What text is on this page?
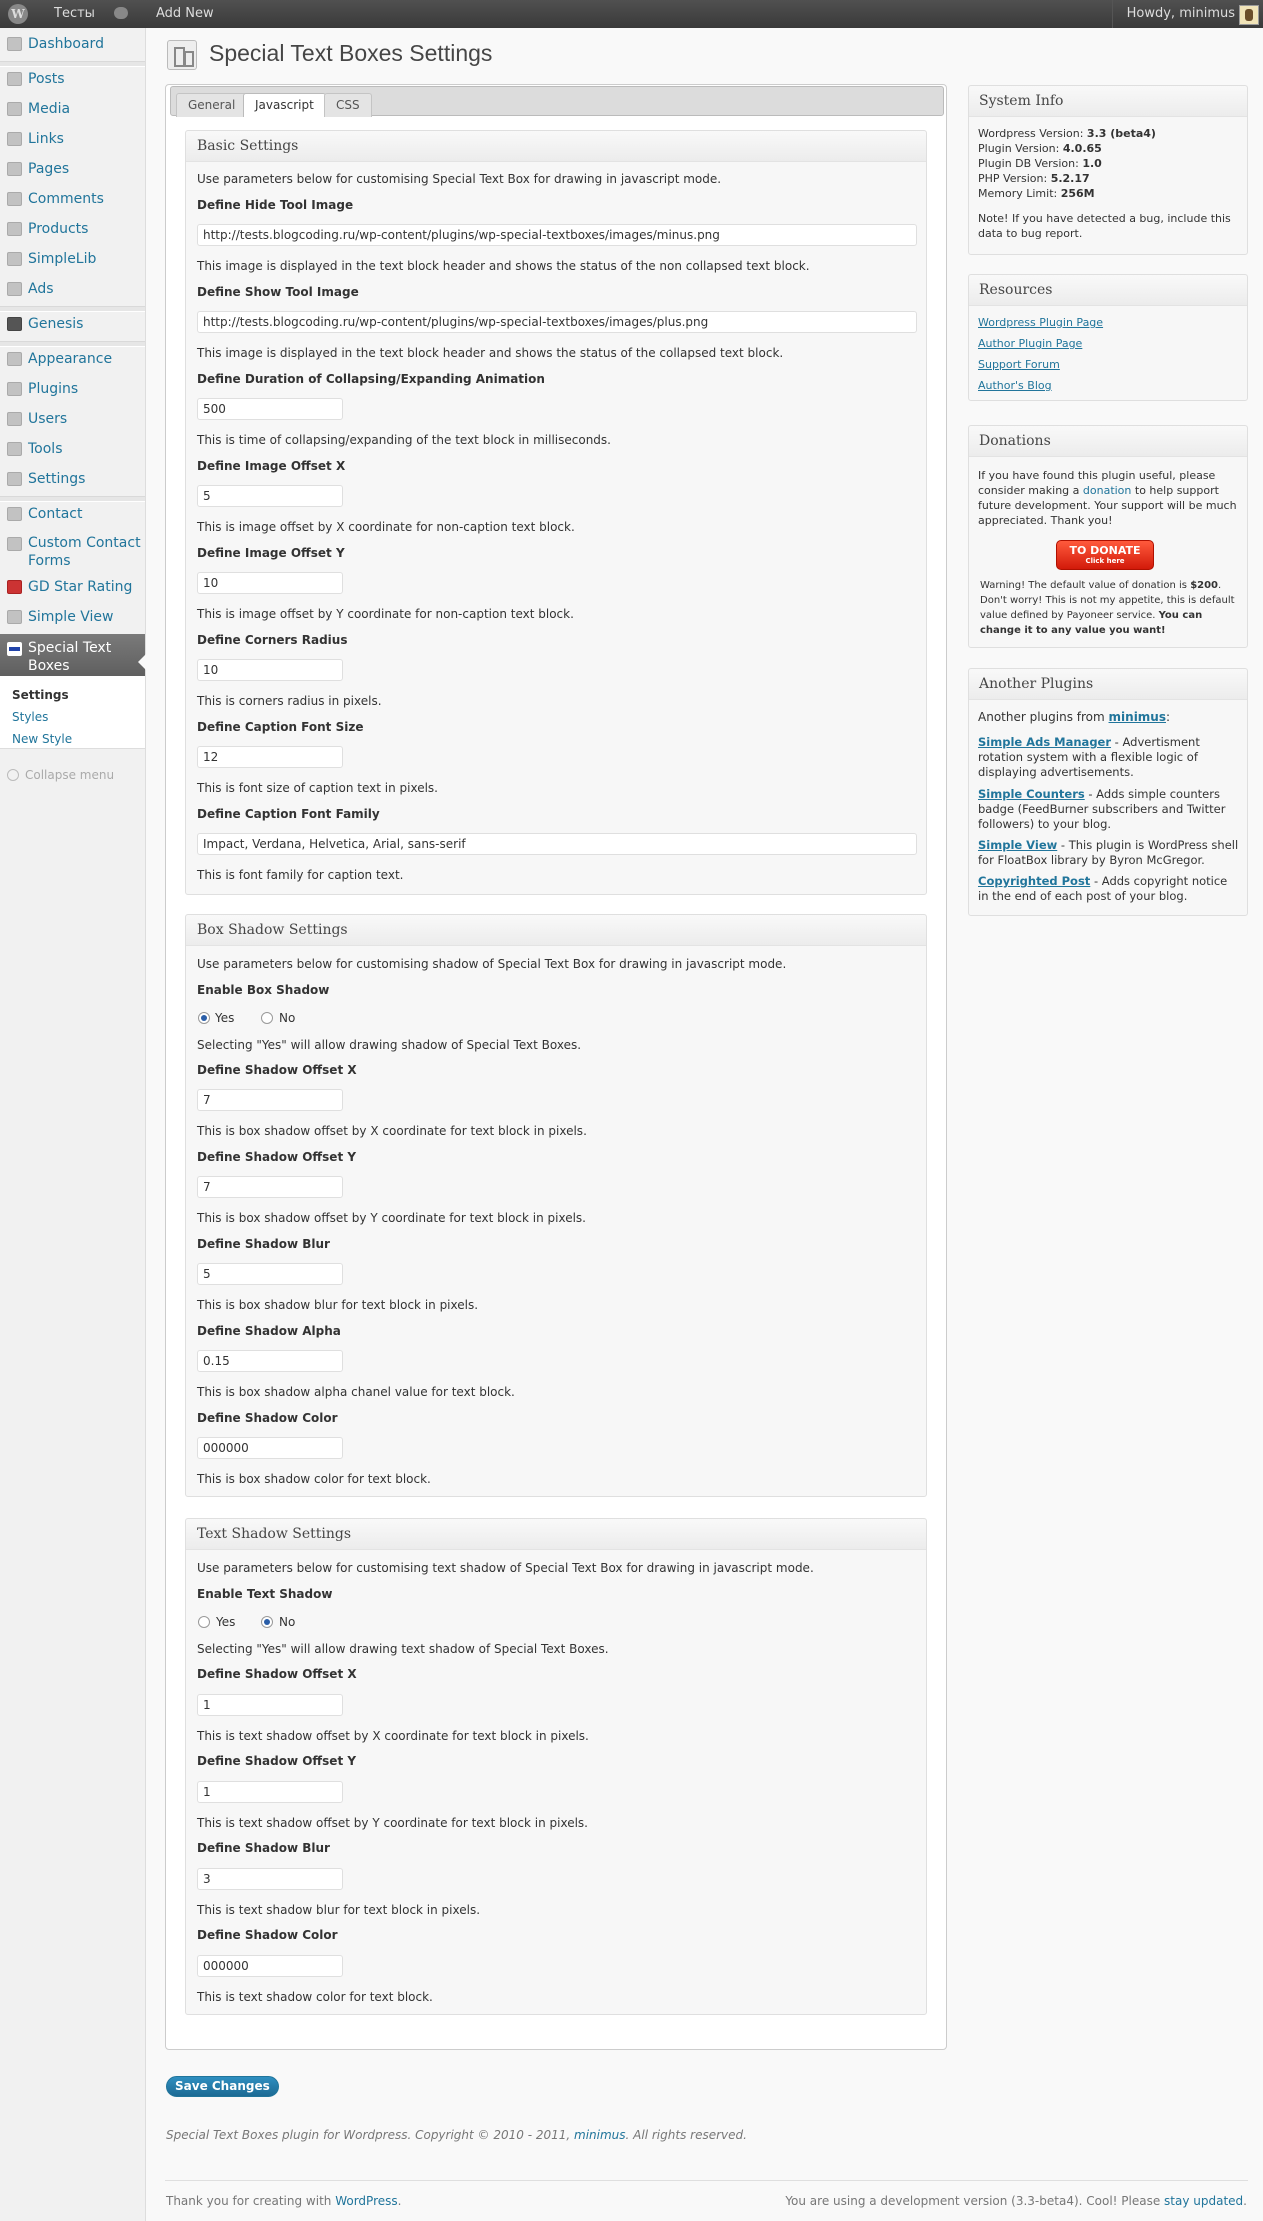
W Тесты	Add New	Howdy, minimus
Dashboard
Posts
Media
Links
Pages
Comments
Products
SimpleLib
Ads
Genesis
Appearance
Plugins
Users
Tools
Settings
Contact
Custom Contact Forms
GD Star Rating
Simple View
Special Text Boxes
Settings
Styles
New Style
Collapse menu
Special Text Boxes Settings
General	Javascript	CSS
Basic Settings
Use parameters below for customising Special Text Box for drawing in javascript mode.
Define Hide Tool Image
http://tests.blogcoding.ru/wp-content/plugins/wp-special-textboxes/images/minus.png
This image is displayed in the text block header and shows the status of the non collapsed text block.
Define Show Tool Image
http://tests.blogcoding.ru/wp-content/plugins/wp-special-textboxes/images/plus.png
This image is displayed in the text block header and shows the status of the collapsed text block.
Define Duration of Collapsing/Expanding Animation
500
This is time of collapsing/expanding of the text block in milliseconds.
Define Image Offset X
5
This is image offset by X coordinate for non-caption text block.
Define Image Offset Y
10
This is image offset by Y coordinate for non-caption text block.
Define Corners Radius
10
This is corners radius in pixels.
Define Caption Font Size
12
This is font size of caption text in pixels.
Define Caption Font Family
Impact, Verdana, Helvetica, Arial, sans-serif
This is font family for caption text.
Box Shadow Settings
Use parameters below for customising shadow of Special Text Box for drawing in javascript mode.
Enable Box Shadow
Yes	No
Selecting "Yes" will allow drawing shadow of Special Text Boxes.
Define Shadow Offset X
7
This is box shadow offset by X coordinate for text block in pixels.
Define Shadow Offset Y
7
This is box shadow offset by Y coordinate for text block in pixels.
Define Shadow Blur
5
This is box shadow blur for text block in pixels.
Define Shadow Alpha
0.15
This is box shadow alpha chanel value for text block.
Define Shadow Color
000000
This is box shadow color for text block.
Text Shadow Settings
Use parameters below for customising text shadow of Special Text Box for drawing in javascript mode.
Enable Text Shadow
Yes	No
Selecting "Yes" will allow drawing text shadow of Special Text Boxes.
Define Shadow Offset X
1
This is text shadow offset by X coordinate for text block in pixels.
Define Shadow Offset Y
1
This is text shadow offset by Y coordinate for text block in pixels.
Define Shadow Blur
3
This is text shadow blur for text block in pixels.
Define Shadow Color
000000
This is text shadow color for text block.
Save Changes
Special Text Boxes plugin for Wordpress. Copyright © 2010 - 2011, minimus. All rights reserved.
Thank you for creating with WordPress.	You are using a development version (3.3-beta4). Cool! Please stay updated.
System Info
Wordpress Version: 3.3 (beta4)
Plugin Version: 4.0.65
Plugin DB Version: 1.0
PHP Version: 5.2.17
Memory Limit: 256M
Note! If you have detected a bug, include this data to bug report.
Resources
Wordpress Plugin Page
Author Plugin Page
Support Forum
Author's Blog
Donations
If you have found this plugin useful, please consider making a donation to help support future development. Your support will be much appreciated. Thank you!
TO DONATE
Click here
Warning! The default value of donation is $200. Don't worry! This is not my appetite, this is default value defined by Payoneer service. You can change it to any value you want!
Another Plugins
Another plugins from minimus:
Simple Ads Manager - Advertisment rotation system with a flexible logic of displaying advertisements.
Simple Counters - Adds simple counters badge (FeedBurner subscribers and Twitter followers) to your blog.
Simple View - This plugin is WordPress shell for FloatBox library by Byron McGregor.
Copyrighted Post - Adds copyright notice in the end of each post of your blog.
